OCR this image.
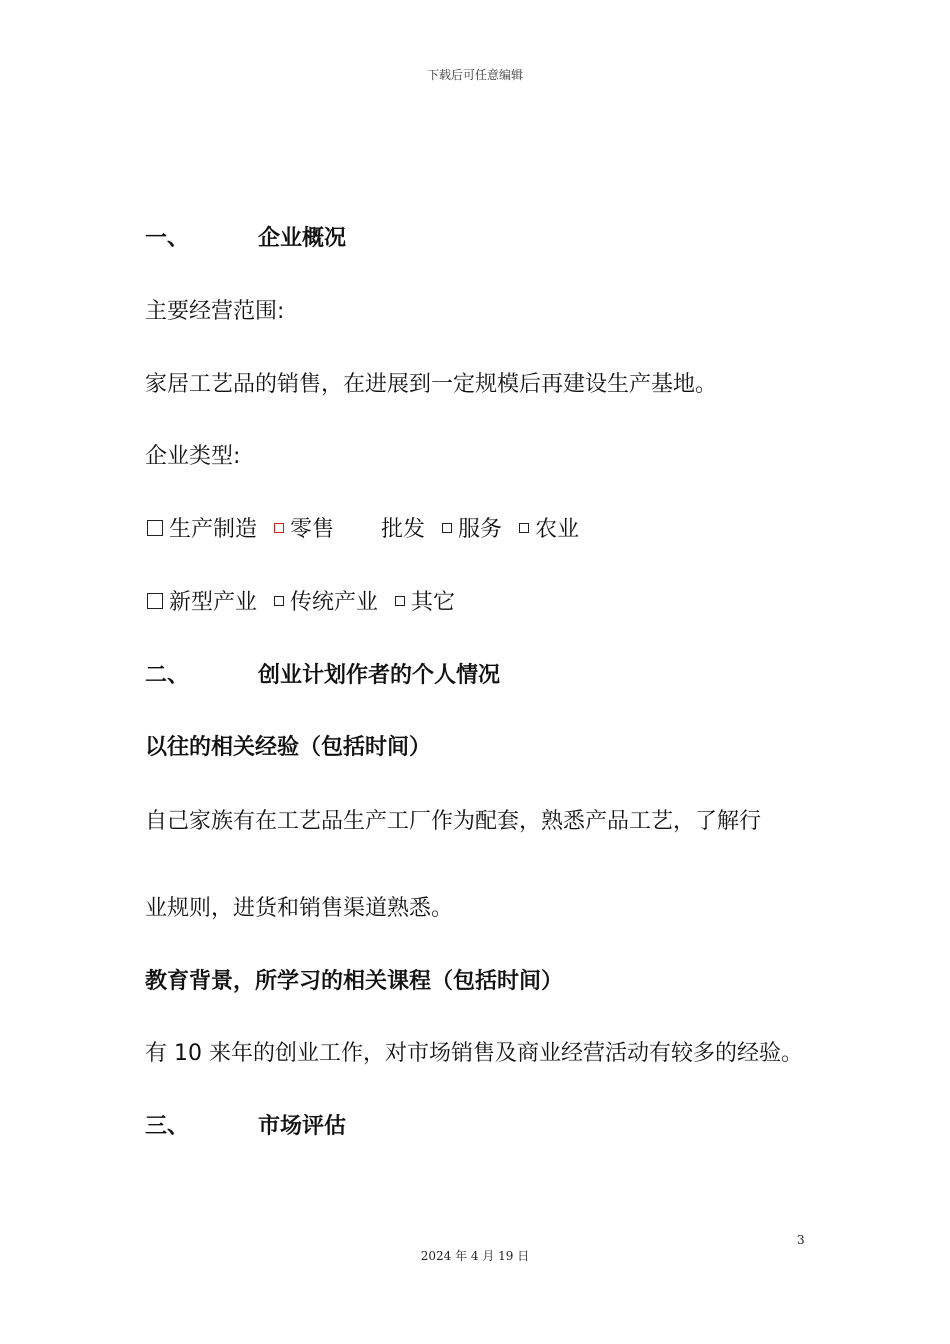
下载后可任意编辑
一、	企业概况
主要经营范围:
家居工艺品的销售，在进展到一定规模后再建设生产基地。
企业类型:
生产制造 零售 批发 服务 农业
新型产业 传统产业 其它
二、	创业计划作者的个人情况
以往的相关经验（包括时间）
自己家族有在工艺品生产工厂作为配套，熟悉产品工艺，了解行
业规则，进货和销售渠道熟悉。
教育背景，所学习的相关课程（包括时间）
有 10 来年的创业工作，对市场销售及商业经营活动有较多的经验。
三、	市场评估
3
2024 年 4 月 19 日
